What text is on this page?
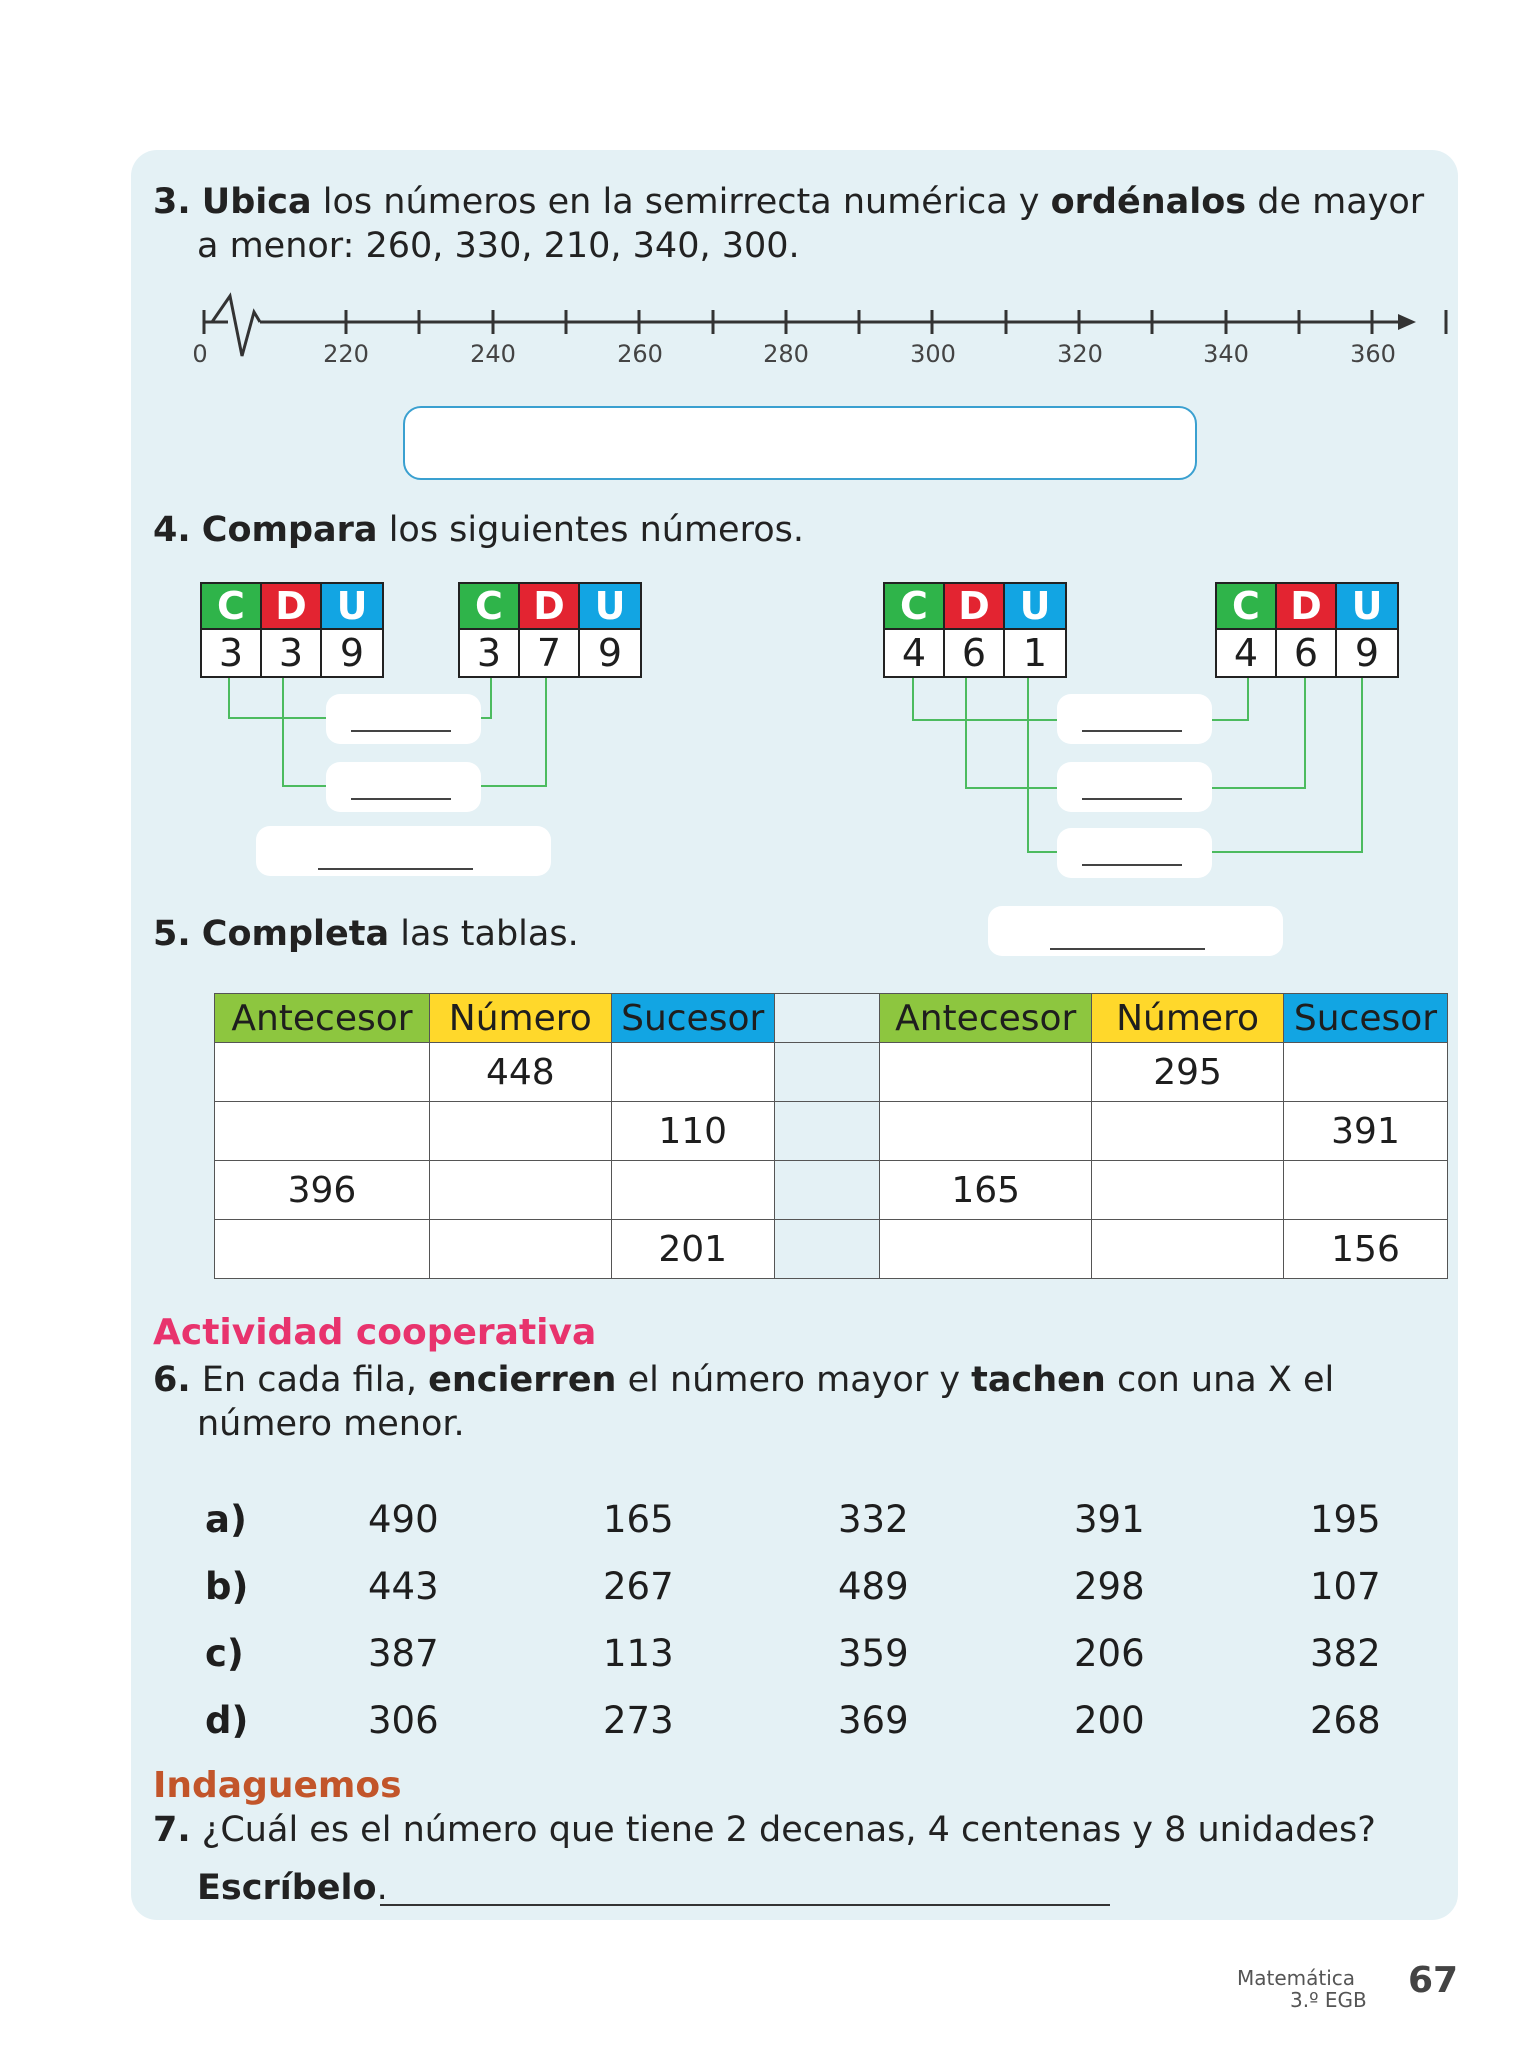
3. Ubica los números en la semirrecta numérica y ordénalos de mayor
a menor: 260, 330, 210, 340, 300.
0	220	240	260	280	300	320	340	360
4. Compara los siguientes números.
C D U
3 3 9
C D U
3 7 9
C D U
4 6 1
C D U
4 6 9
5. Completa las tablas.
Antecesor	Número	Sucesor		Antecesor	Número	Sucesor
	448				295	
		110				391
396				165		
		201				156
Actividad cooperativa
6. En cada fila, encierren el número mayor y tachen con una X el
número menor.
a)	490	165	332	391	195
b)	443	267	489	298	107
c)	387	113	359	206	382
d)	306	273	369	200	268
Indaguemos
7. ¿Cuál es el número que tiene 2 decenas, 4 centenas y 8 unidades?
Escríbelo.
Matemática
3.º EGB 67
